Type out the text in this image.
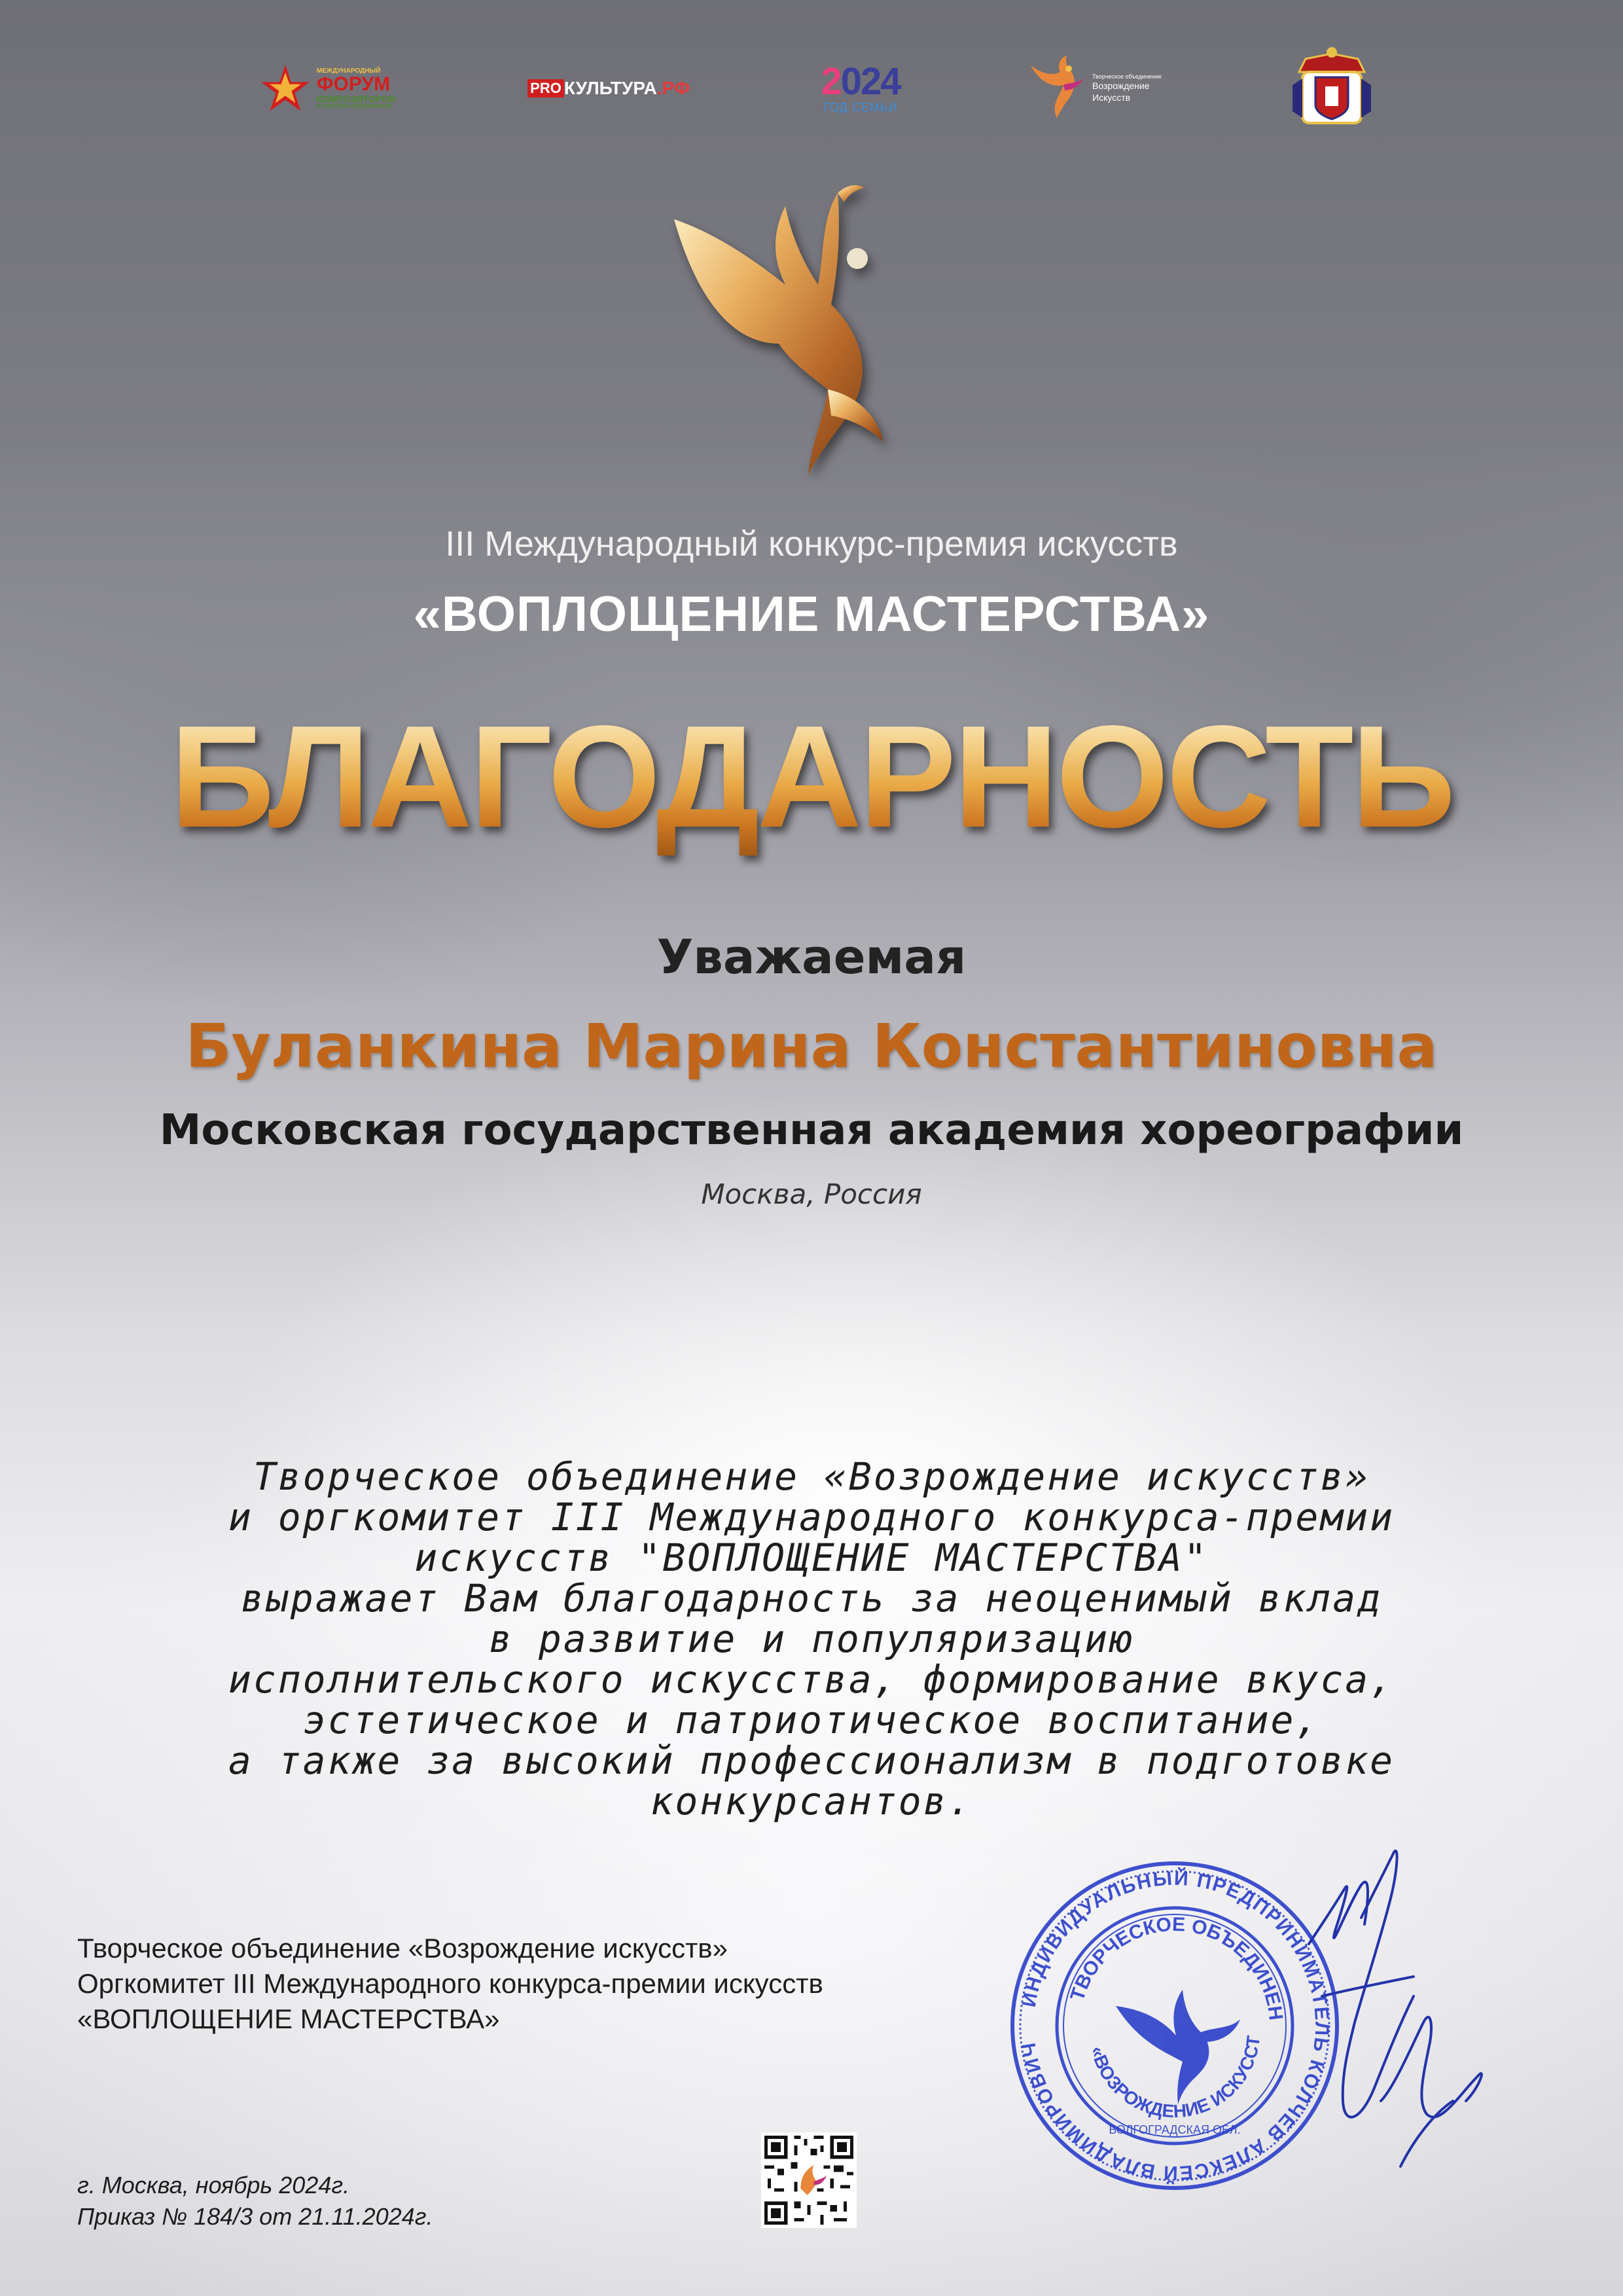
МЕЖДУНАРОДНЫЙ
ФОРУМ
КОМПОЗИТОРОВ
И ПОЭТОВ-ПЕСЕННИКОВ
PRO КУЛЬТУРА .РФ	2024
ГОД СЕМЬИ
Творческое объединение
Возрождение
Искусств
III Международный конкурс-премия искусств
«ВОПЛОЩЕНИЕ МАСТЕРСТВА»
БЛАГОДАРНОСТЬ
Уважаемая
Буланкина Марина Константиновна
Московская государственная академия хореографии
Москва, Россия
Творческое объединение «Возрождение искусств»
и оргкомитет III Международного конкурса-премии
искусств "ВОПЛОЩЕНИЕ МАСТЕРСТВА"
выражает Вам благодарность за неоценимый вклад
в развитие и популяризацию
исполнительского искусства, формирование вкуса,
эстетическое и патриотическое воспитание,
а также за высокий профессионализм в подготовке
конкурсантов.
Творческое объединение «Возрождение искусств»
Оргкомитет III Международного конкурса-премии искусств
«ВОПЛОЩЕНИЕ МАСТЕРСТВА»
г. Москва, ноябрь 2024г.
Приказ № 184/3 от 21.11.2024г.
ИНДИВИДУАЛЬНЫЙ ПРЕДПРИНИМАТЕЛЬ КОЛЧЕВ АЛЕКСЕЙ ВЛАДИМИРОВИЧ
ТВОРЧЕСКОЕ ОБЪЕДИНЕН
«ВОЗРОЖДЕНИЕ ИСКУССТ
ВОЛГОГРАДСКАЯ ОБЛ.
